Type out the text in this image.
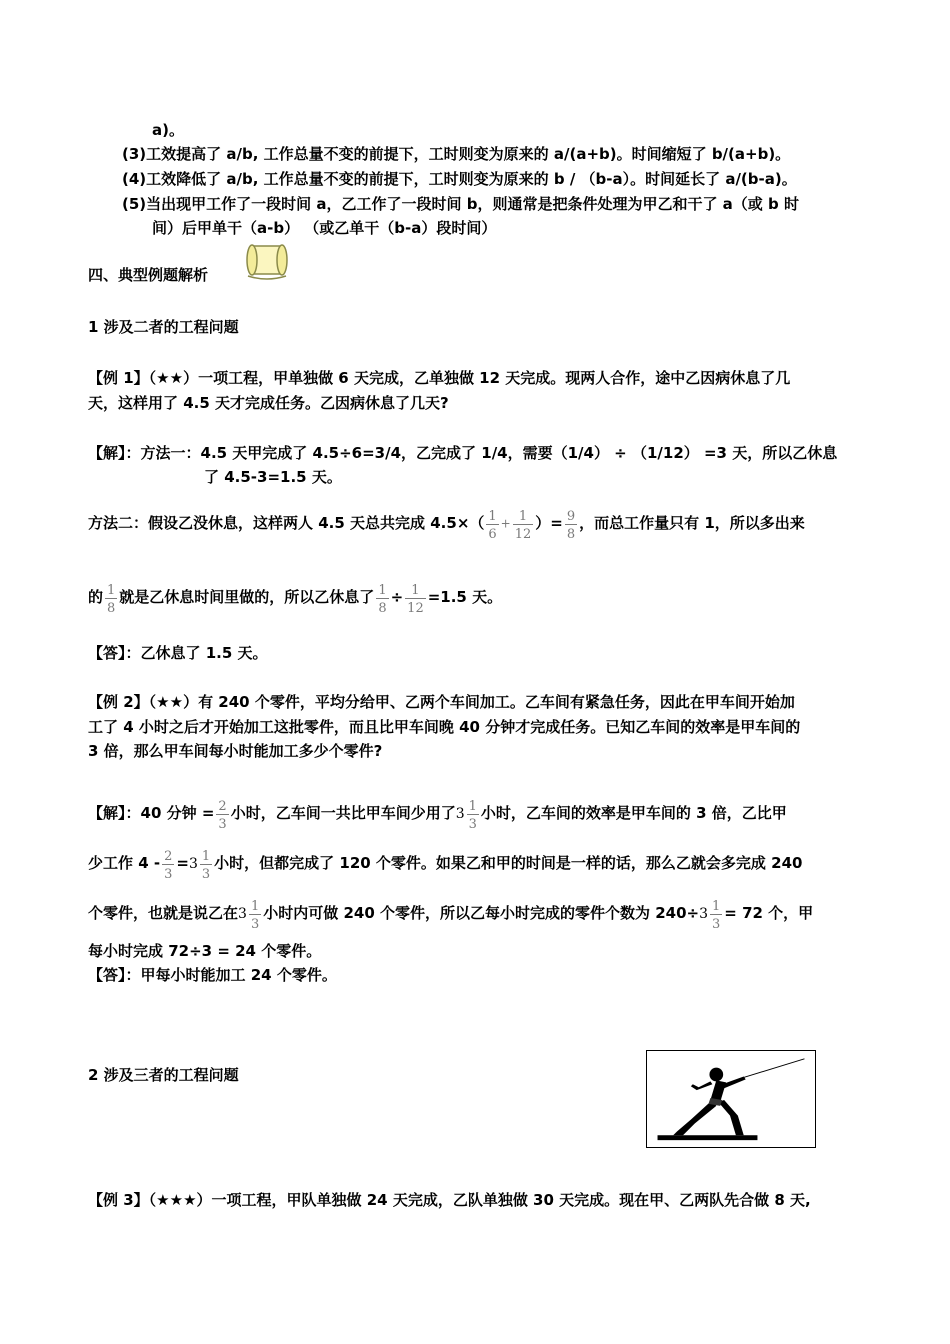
a)。
(3)工效提高了 a/b, 工作总量不变的前提下，工时则变为原来的 a/(a+b)。时间缩短了 b/(a+b)。
(4)工效降低了 a/b, 工作总量不变的前提下，工时则变为原来的 b / （b-a）。时间延长了 a/(b-a)。
(5)当出现甲工作了一段时间 a，乙工作了一段时间 b，则通常是把条件处理为甲乙和干了 a（或 b 时
间）后甲单干（a-b） （或乙单干（b-a）段时间）
四、典型例题解析
1 涉及二者的工程问题
【例 1】（★★）一项工程，甲单独做 6 天完成，乙单独做 12 天完成。现两人合作，途中乙因病休息了几
天，这样用了 4.5 天才完成任务。乙因病休息了几天?
【解】：方法一：4.5 天甲完成了 4.5÷6=3/4，乙完成了 1/4，需要（1/4） ÷ （1/12） =3 天，所以乙休息
了 4.5-3=1.5 天。
方法二：假设乙没休息，这样两人 4.5 天总共完成 $4.5\times( \frac{1}{6} + \frac{1}{12}$ ）= $\frac{9}{8}$ ，而总工作量只有 1，所以多出来
的 $\frac{1}{8}$ 就是乙休息时间里做的，所以乙休息了 $\frac{1}{8} \div \frac{1}{12} =1.5$ 天。
【答】：乙休息了 1.5 天。
【例 2】（★★）有 240 个零件，平均分给甲、乙两个车间加工。乙车间有紧急任务，因此在甲车间开始加
工了 4 小时之后才开始加工这批零件，而且比甲车间晚 40 分钟才完成任务。已知乙车间的效率是甲车间的
3 倍，那么甲车间每小时能加工多少个零件?
【解】：40 分钟 = $\frac{2}{3}$ 小时，乙车间一共比甲车间少用了 $3 \frac{1}{3}$ 小时，乙车间的效率是甲车间的 3 倍，乙比甲
少工作 $4 - \frac{2}{3} = 3 \frac{1}{3}$ 小时，但都完成了 120 个零件。如果乙和甲的时间是一样的话，那么乙就会多完成 240
个零件，也就是说乙在 $3 \frac{1}{3}$ 小时内可做 240 个零件，所以乙每小时完成的零件个数为 $240\div 3 \frac{1}{3} = 72$ 个，甲
每小时完成 72÷3 = 24 个零件。
【答】：甲每小时能加工 24 个零件。
2 涉及三者的工程问题
【例 3】（★★★）一项工程，甲队单独做 24 天完成，乙队单独做 30 天完成。现在甲、乙两队先合做 8 天,
